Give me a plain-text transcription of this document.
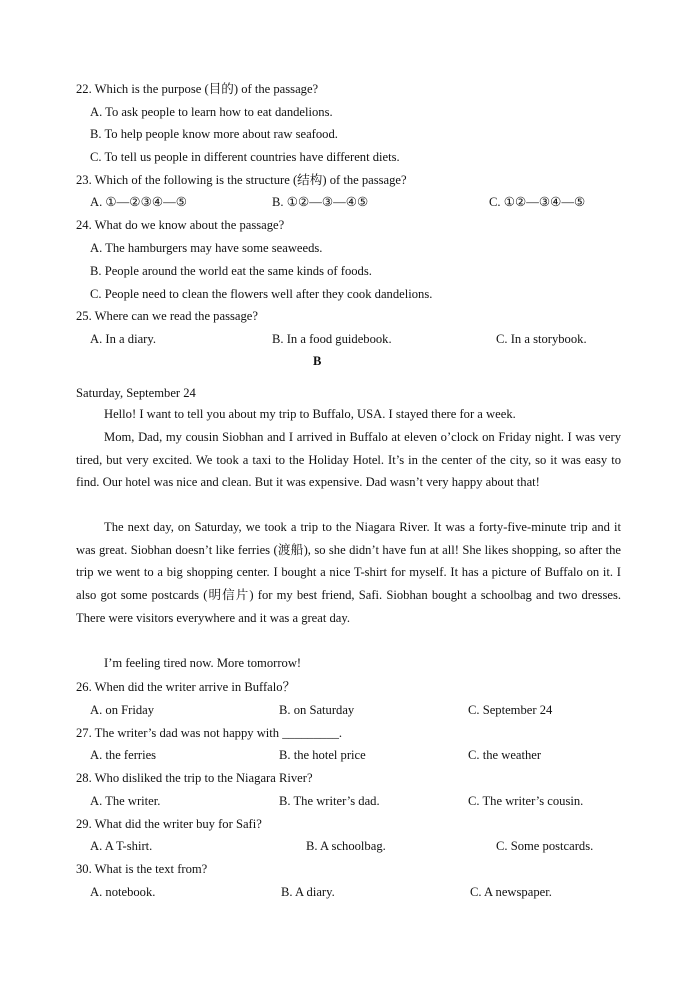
22. Which is the purpose (目的) of the passage?
A. To ask people to learn how to eat dandelions.
B. To help people know more about raw seafood.
C. To tell us people in different countries have different diets.
23. Which of the following is the structure (结构) of the passage?
A. ①—②③④—⑤	B. ①②—③—④⑤	C. ①②—③④—⑤
24. What do we know about the passage?
A. The hamburgers may have some seaweeds.
B. People around the world eat the same kinds of foods.
C. People need to clean the flowers well after they cook dandelions.
25. Where can we read the passage?
A. In a diary.	B. In a food guidebook.	C. In a storybook.
B
Saturday, September 24
Hello! I want to tell you about my trip to Buffalo, USA. I stayed there for a week.
Mom, Dad, my cousin Siobhan and I arrived in Buffalo at eleven o’clock on Friday night. I was very tired, but very excited. We took a taxi to the Holiday Hotel. It’s in the center of the city, so it was easy to find. Our hotel was nice and clean. But it was expensive. Dad wasn’t very happy about that!
The next day, on Saturday, we took a trip to the Niagara River. It was a forty-five-minute trip and it was great. Siobhan doesn’t like ferries (渡船), so she didn’t have fun at all! She likes shopping, so after the trip we went to a big shopping center. I bought a nice T-shirt for myself. It has a picture of Buffalo on it. I also got some postcards (明信片) for my best friend, Safi. Siobhan bought a schoolbag and two dresses. There were visitors everywhere and it was a great day.
I’m feeling tired now. More tomorrow!
26. When did the writer arrive in Buffalo？
A. on Friday	B. on Saturday	C. September 24
27. The writer’s dad was not happy with _________.
A. the ferries	B. the hotel price	C. the weather
28. Who disliked the trip to the Niagara River?
A. The writer.	B. The writer’s dad.	C. The writer’s cousin.
29. What did the writer buy for Safi?
A. A T-shirt.	B. A schoolbag.	C. Some postcards.
30. What is the text from?
A. notebook.	B. A diary.	C. A newspaper.
